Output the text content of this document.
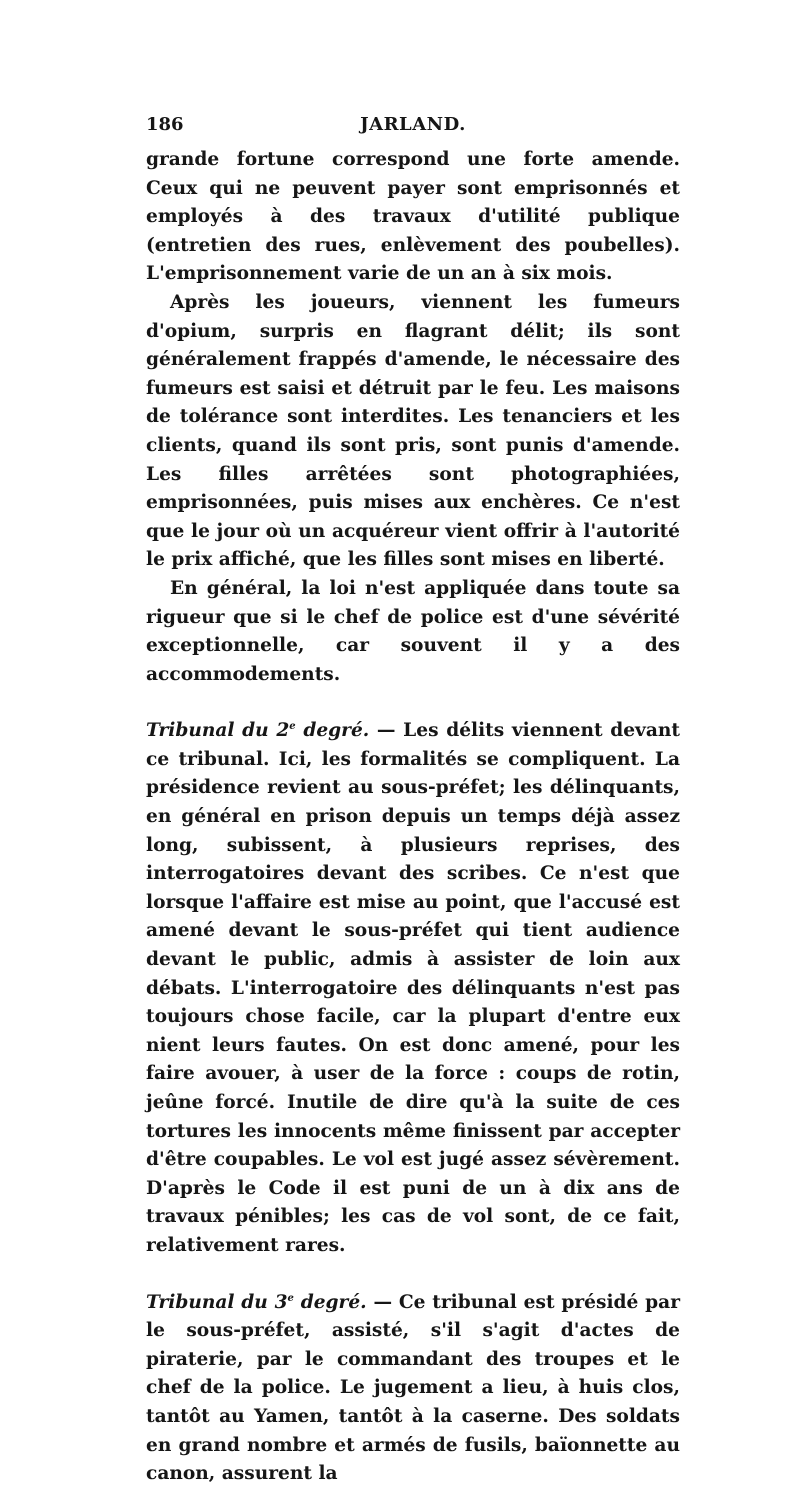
186	JARLAND.

grande fortune correspond une forte amende. Ceux qui ne peuvent payer sont emprisonnés et employés à des travaux d'utilité publique (entretien des rues, enlèvement des poubelles). L'emprisonnement varie de un an à six mois.

Après les joueurs, viennent les fumeurs d'opium, surpris en flagrant délit; ils sont généralement frappés d'amende, le nécessaire des fumeurs est saisi et détruit par le feu. Les maisons de tolérance sont interdites. Les tenanciers et les clients, quand ils sont pris, sont punis d'amende. Les filles arrêtées sont photographiées, emprisonnées, puis mises aux enchères. Ce n'est que le jour où un acquéreur vient offrir à l'autorité le prix affiché, que les filles sont mises en liberté.

En général, la loi n'est appliquée dans toute sa rigueur que si le chef de police est d'une sévérité exceptionnelle, car souvent il y a des accommodements.

Tribunal du 2e degré. — Les délits viennent devant ce tribunal. Ici, les formalités se compliquent. La présidence revient au sous-préfet; les délinquants, en général en prison depuis un temps déjà assez long, subissent, à plusieurs reprises, des interrogatoires devant des scribes. Ce n'est que lorsque l'affaire est mise au point, que l'accusé est amené devant le sous-préfet qui tient audience devant le public, admis à assister de loin aux débats. L'interrogatoire des délinquants n'est pas toujours chose facile, car la plupart d'entre eux nient leurs fautes. On est donc amené, pour les faire avouer, à user de la force : coups de rotin, jeûne forcé. Inutile de dire qu'à la suite de ces tortures les innocents même finissent par accepter d'être coupables. Le vol est jugé assez sévèrement. D'après le Code il est puni de un à dix ans de travaux pénibles; les cas de vol sont, de ce fait, relativement rares.

Tribunal du 3e degré. — Ce tribunal est présidé par le sous-préfet, assisté, s'il s'agit d'actes de piraterie, par le commandant des troupes et le chef de la police. Le jugement a lieu, à huis clos, tantôt au Yamen, tantôt à la caserne. Des soldats en grand nombre et armés de fusils, baïonnette au canon, assurent la
